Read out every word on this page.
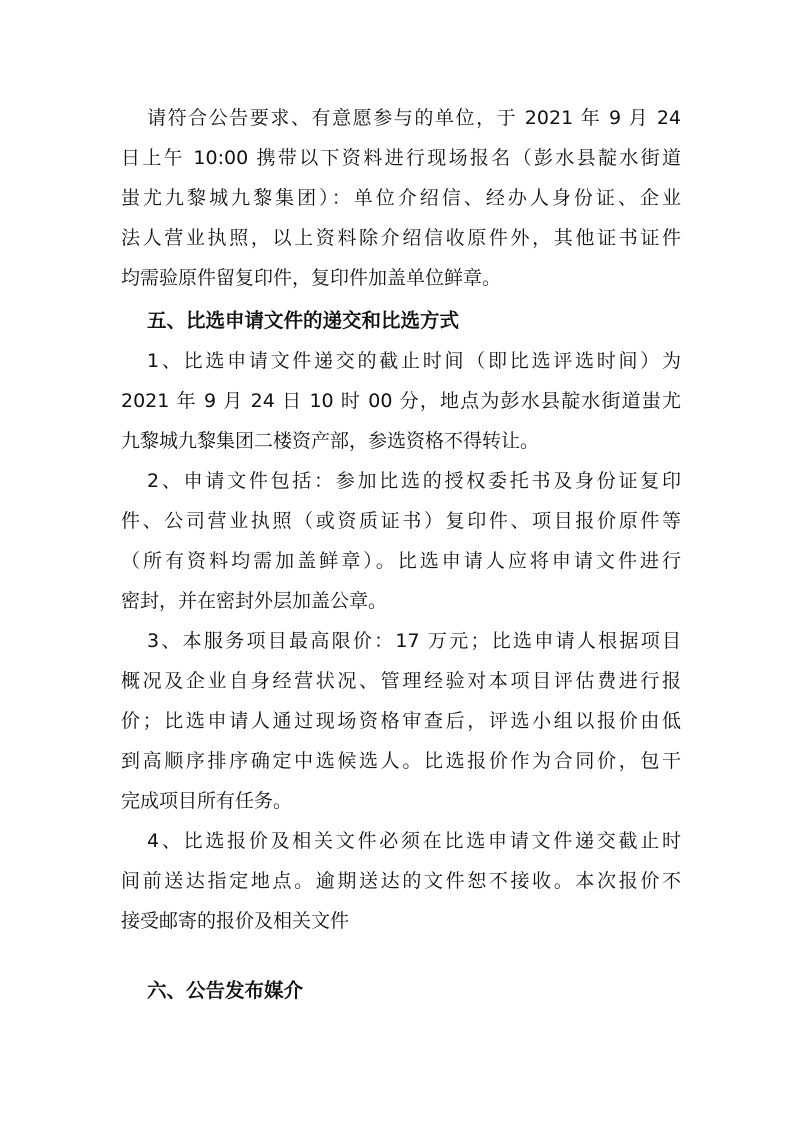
请符合公告要求、有意愿参与的单位，于 2021 年 9 月 24
日上午 10:00 携带以下资料进行现场报名（彭水县靛水街道
蚩尤九黎城九黎集团）：单位介绍信、经办人身份证、企业
法人营业执照，以上资料除介绍信收原件外，其他证书证件
均需验原件留复印件，复印件加盖单位鲜章。
五、比选申请文件的递交和比选方式
1、比选申请文件递交的截止时间（即比选评选时间）为
2021 年 9 月 24 日 10 时 00 分，地点为彭水县靛水街道蚩尤
九黎城九黎集团二楼资产部，参选资格不得转让。
2、申请文件包括：参加比选的授权委托书及身份证复印
件、公司营业执照（或资质证书）复印件、项目报价原件等
（所有资料均需加盖鲜章）。比选申请人应将申请文件进行
密封，并在密封外层加盖公章。
3、本服务项目最高限价：17 万元；比选申请人根据项目
概况及企业自身经营状况、管理经验对本项目评估费进行报
价；比选申请人通过现场资格审查后，评选小组以报价由低
到高顺序排序确定中选候选人。比选报价作为合同价，包干
完成项目所有任务。
4、比选报价及相关文件必须在比选申请文件递交截止时
间前送达指定地点。逾期送达的文件恕不接收。本次报价不
接受邮寄的报价及相关文件
六、公告发布媒介
